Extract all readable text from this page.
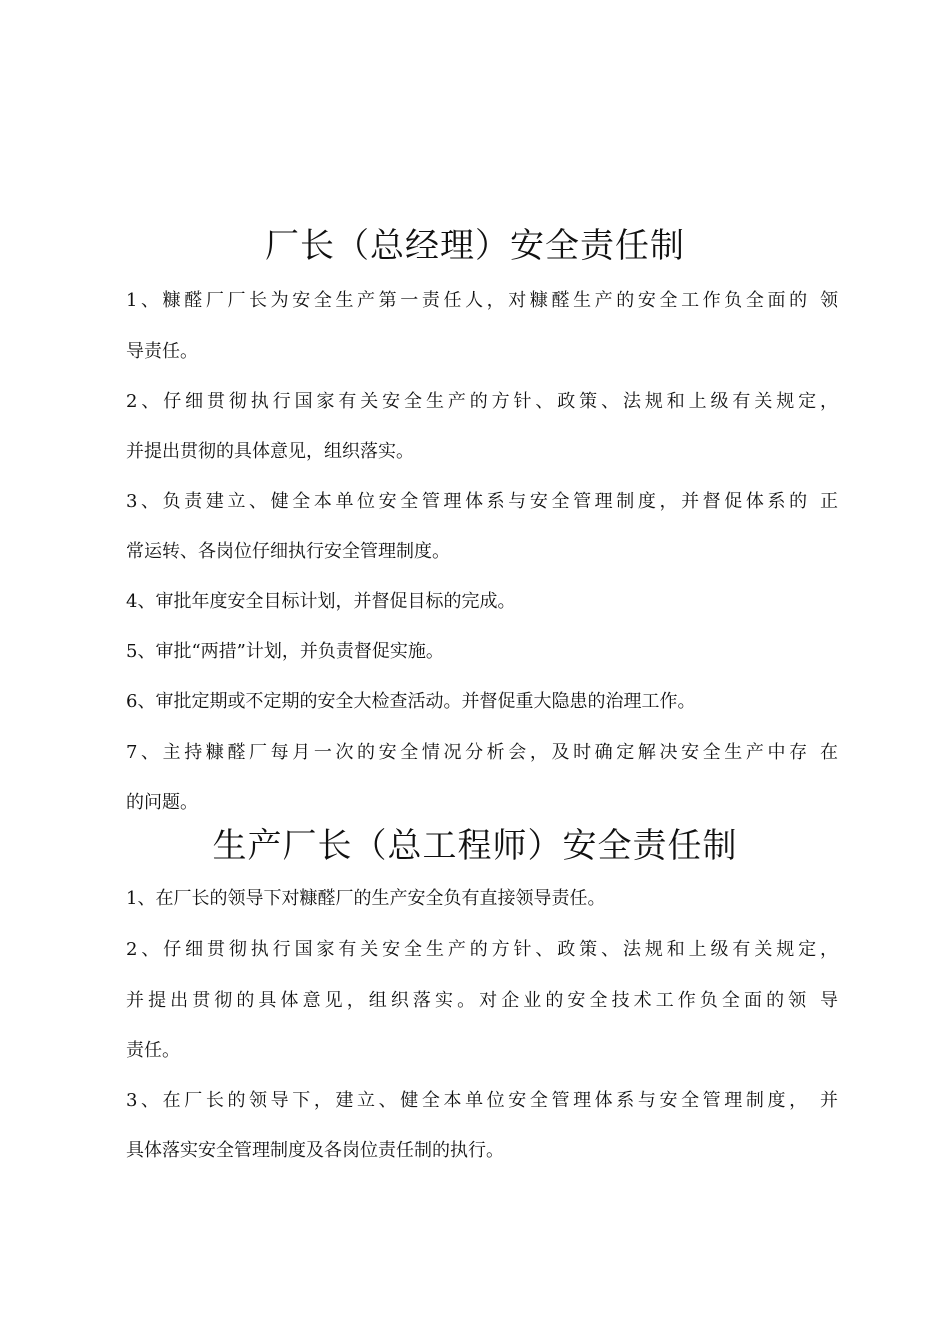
厂长（总经理）安全责任制
1、糠醛厂厂长为安全生产第一责任人，对糠醛生产的安全工作负全面的 领
导责任。
2、仔细贯彻执行国家有关安全生产的方针、政策、法规和上级有关规定，
并提出贯彻的具体意见，组织落实。
3、负责建立、健全本单位安全管理体系与安全管理制度，并督促体系的 正
常运转、各岗位仔细执行安全管理制度。
4、审批年度安全目标计划，并督促目标的完成。
5、审批“两措”计划，并负责督促实施。
6、审批定期或不定期的安全大检查活动。并督促重大隐患的治理工作。
7、主持糠醛厂每月一次的安全情况分析会，及时确定解决安全生产中存 在
的问题。
生产厂长（总工程师）安全责任制
1、在厂长的领导下对糠醛厂的生产安全负有直接领导责任。
2、仔细贯彻执行国家有关安全生产的方针、政策、法规和上级有关规定，
并提出贯彻的具体意见，组织落实。对企业的安全技术工作负全面的领 导
责任。
3、在厂长的领导下，建立、健全本单位安全管理体系与安全管理制度， 并
具体落实安全管理制度及各岗位责任制的执行。
